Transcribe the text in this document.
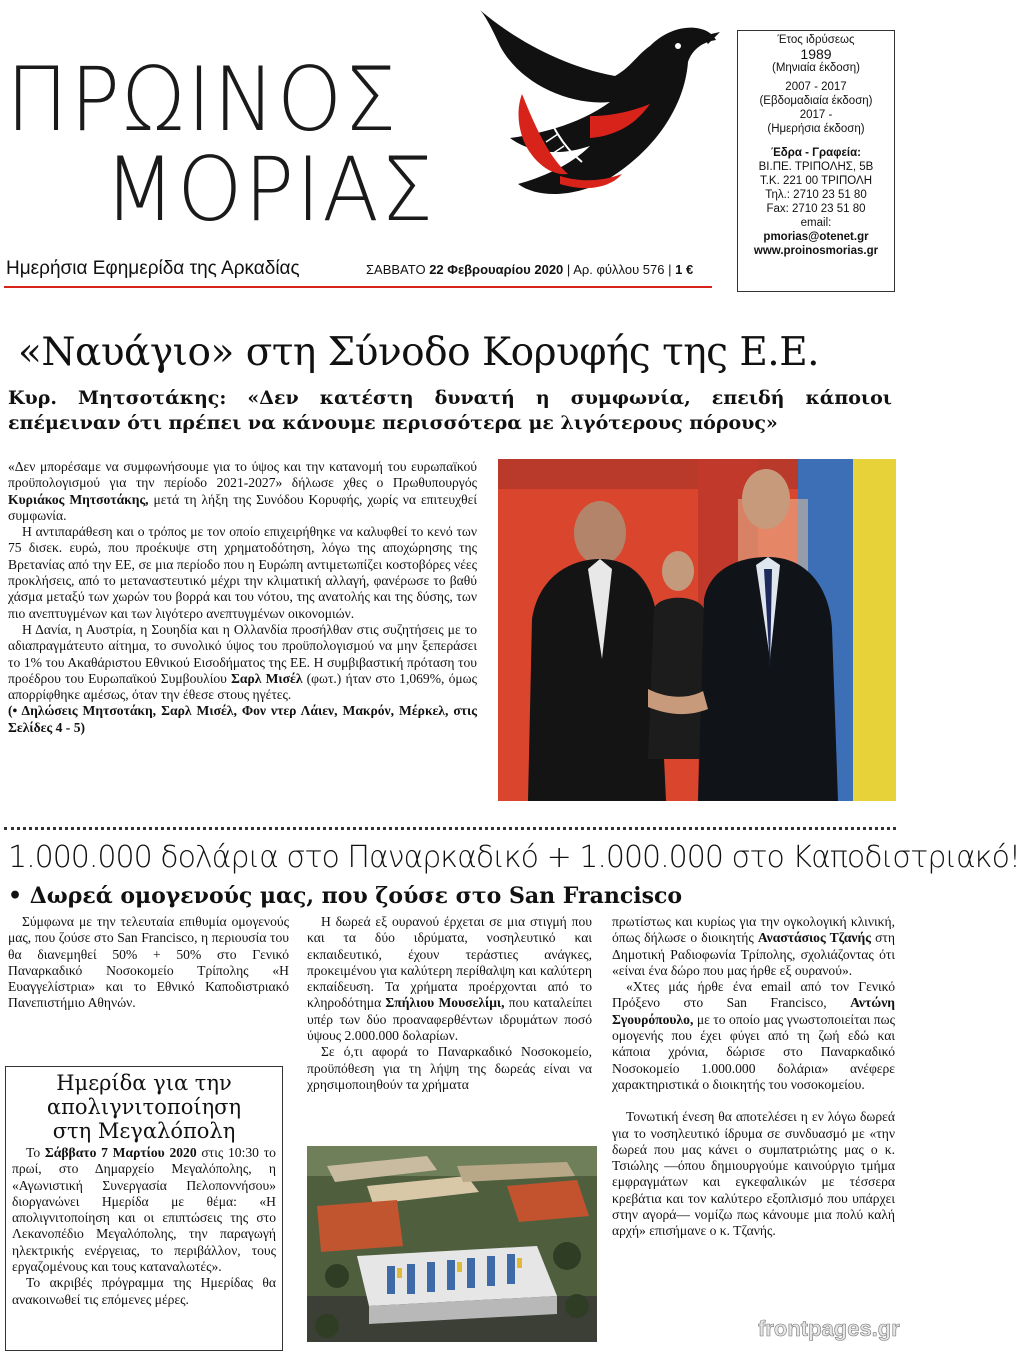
ΠΡΩΙΝΟΣ
ΜΟΡΙΑΣ
Ημερήσια Εφημερίδα της Αρκαδίας	ΣΑΒΒΑΤΟ 22 Φεβρουαρίου 2020 | Αρ. φύλλου 576 | 1 €
Έτος ιδρύσεως
1989
(Μηνιαία έκδοση)
2007 - 2017
(Εβδομαδιαία έκδοση)
2017 -
(Ημερήσια έκδοση)
Έδρα - Γραφεία:
ΒΙ.ΠΕ. ΤΡΙΠΟΛΗΣ, 5Β
Τ.Κ. 221 00 ΤΡΙΠΟΛΗ
Τηλ.: 2710 23 51 80
Fax: 2710 23 51 80
email:
pmorias@otenet.gr
www.proinosmorias.gr
«Ναυάγιο» στη Σύνοδο Κορυφής της Ε.Ε.
Κυρ. Μητσοτάκης: «Δεν κατέστη δυνατή η συμφωνία, επειδή κάποιοι επέμειναν ότι πρέπει να κάνουμε περισσότερα με λιγότερους πόρους»

«Δεν μπορέσαμε να συμφωνήσουμε για το ύψος και την κατανομή του ευρωπαϊκού προϋπολογισμού για την περίοδο 2021-2027» δήλωσε χθες ο Πρωθυπουργός Κυριάκος Μητσοτάκης, μετά τη λήξη της Συνόδου Κορυφής, χωρίς να επιτευχθεί συμφωνία.

Η αντιπαράθεση και ο τρόπος με τον οποίο επιχειρήθηκε να καλυφθεί το κενό των 75 δισεκ. ευρώ, που προέκυψε στη χρηματοδότηση, λόγω της αποχώρησης της Βρετανίας από την ΕΕ, σε μια περίοδο που η Ευρώπη αντιμετωπίζει κοστοβόρες νέες προκλήσεις, από το μεταναστευτικό μέχρι την κλιματική αλλαγή, φανέρωσε το βαθύ χάσμα μεταξύ των χωρών του βορρά και του νότου, της ανατολής και της δύσης, των πιο ανεπτυγμένων και των λιγότερο ανεπτυγμένων οικονομιών.

Η Δανία, η Αυστρία, η Σουηδία και η Ολλανδία προσήλθαν στις συζητήσεις με το αδιαπραγμάτευτο αίτημα, το συνολικό ύψος του προϋπολογισμού να μην ξεπεράσει το 1% του Ακαθάριστου Εθνικού Εισοδήματος της ΕΕ. Η συμβιβαστική πρόταση του προέδρου του Ευρωπαϊκού Συμβουλίου Σαρλ Μισέλ (φωτ.) ήταν στο 1,069%, όμως απορρίφθηκε αμέσως, όταν την έθεσε στους ηγέτες.

(• Δηλώσεις Μητσοτάκη, Σαρλ Μισέλ, Φον ντερ Λάιεν, Μακρόν, Μέρκελ, στις Σελίδες 4 - 5)

1.000.000 δολάρια στο Παναρκαδικό + 1.000.000 στο Καποδιστριακό!
• Δωρεά ομογενούς μας, που ζούσε στο San Francisco

Σύμφωνα με την τελευταία επιθυμία ομογενούς μας, που ζούσε στο San Francisco, η περιουσία του θα διανεμηθεί 50% + 50% στο Γενικό Παναρκαδικό Νοσοκομείο Τρίπολης «Η Ευαγγελίστρια» και το Εθνικό Καποδιστριακό Πανεπιστήμιο Αθηνών.

Ημερίδα για την
απολιγνιτοποίηση
στη Μεγαλόπολη

Το Σάββατο 7 Μαρτίου 2020 στις 10:30 το πρωί, στο Δημαρχείο Μεγαλόπολης, η «Αγωνιστική Συνεργασία Πελοποννήσου» διοργανώνει Ημερίδα με θέμα: «Η απολιγνιτοποίηση και οι επιπτώσεις της στο Λεκανοπέδιο Μεγαλόπολης, την παραγωγή ηλεκτρικής ενέργειας, το περιβάλλον, τους εργαζομένους και τους καταναλωτές».

Το ακριβές πρόγραμμα της Ημερίδας θα ανακοινωθεί τις επόμενες μέρες.

Η δωρεά εξ ουρανού έρχεται σε μια στιγμή που και τα δύο ιδρύματα, νοσηλευτικό και εκπαιδευτικό, έχουν τεράστιες ανάγκες, προκειμένου για καλύτερη περίθαλψη και καλύτερη εκπαίδευση. Τα χρήματα προέρχονται από το κληροδότημα Σπήλιου Μουσελίμι, που καταλείπει υπέρ των δύο προαναφερθέντων ιδρυμάτων ποσό ύψους 2.000.000 δολαρίων.

Σε ό,τι αφορά το Παναρκαδικό Νοσοκομείο, προϋπόθεση για τη λήψη της δωρεάς είναι να χρησιμοποιηθούν τα χρήματα

πρωτίστως και κυρίως για την ογκολογική κλινική, όπως δήλωσε ο διοικητής Αναστάσιος Τζανής στη Δημοτική Ραδιοφωνία Τρίπολης, σχολιάζοντας ότι «είναι ένα δώρο που μας ήρθε εξ ουρανού».

«Χτες μάς ήρθε ένα email από τον Γενικό Πρόξενο στο San Francisco, Αντώνη Σγουρόπουλο, με το οποίο μας γνωστοποιείται πως ομογενής που έχει φύγει από τη ζωή εδώ και κάποια χρόνια, δώρισε στο Παναρκαδικό Νοσοκομείο 1.000.000 δολάρια» ανέφερε χαρακτηριστικά ο διοικητής του νοσοκομείου.

Τονωτική ένεση θα αποτελέσει η εν λόγω δωρεά για το νοσηλευτικό ίδρυμα σε συνδυασμό με «την δωρεά που μας κάνει ο συμπατριώτης μας ο κ. Τσιώλης —όπου δημιουργούμε καινούργιο τμήμα εμφραγμάτων και εγκεφαλικών με τέσσερα κρεβάτια και τον καλύτερο εξοπλισμό που υπάρχει στην αγορά— νομίζω πως κάνουμε μια πολύ καλή αρχή» επισήμανε ο κ. Τζανής.

frontpages.gr
